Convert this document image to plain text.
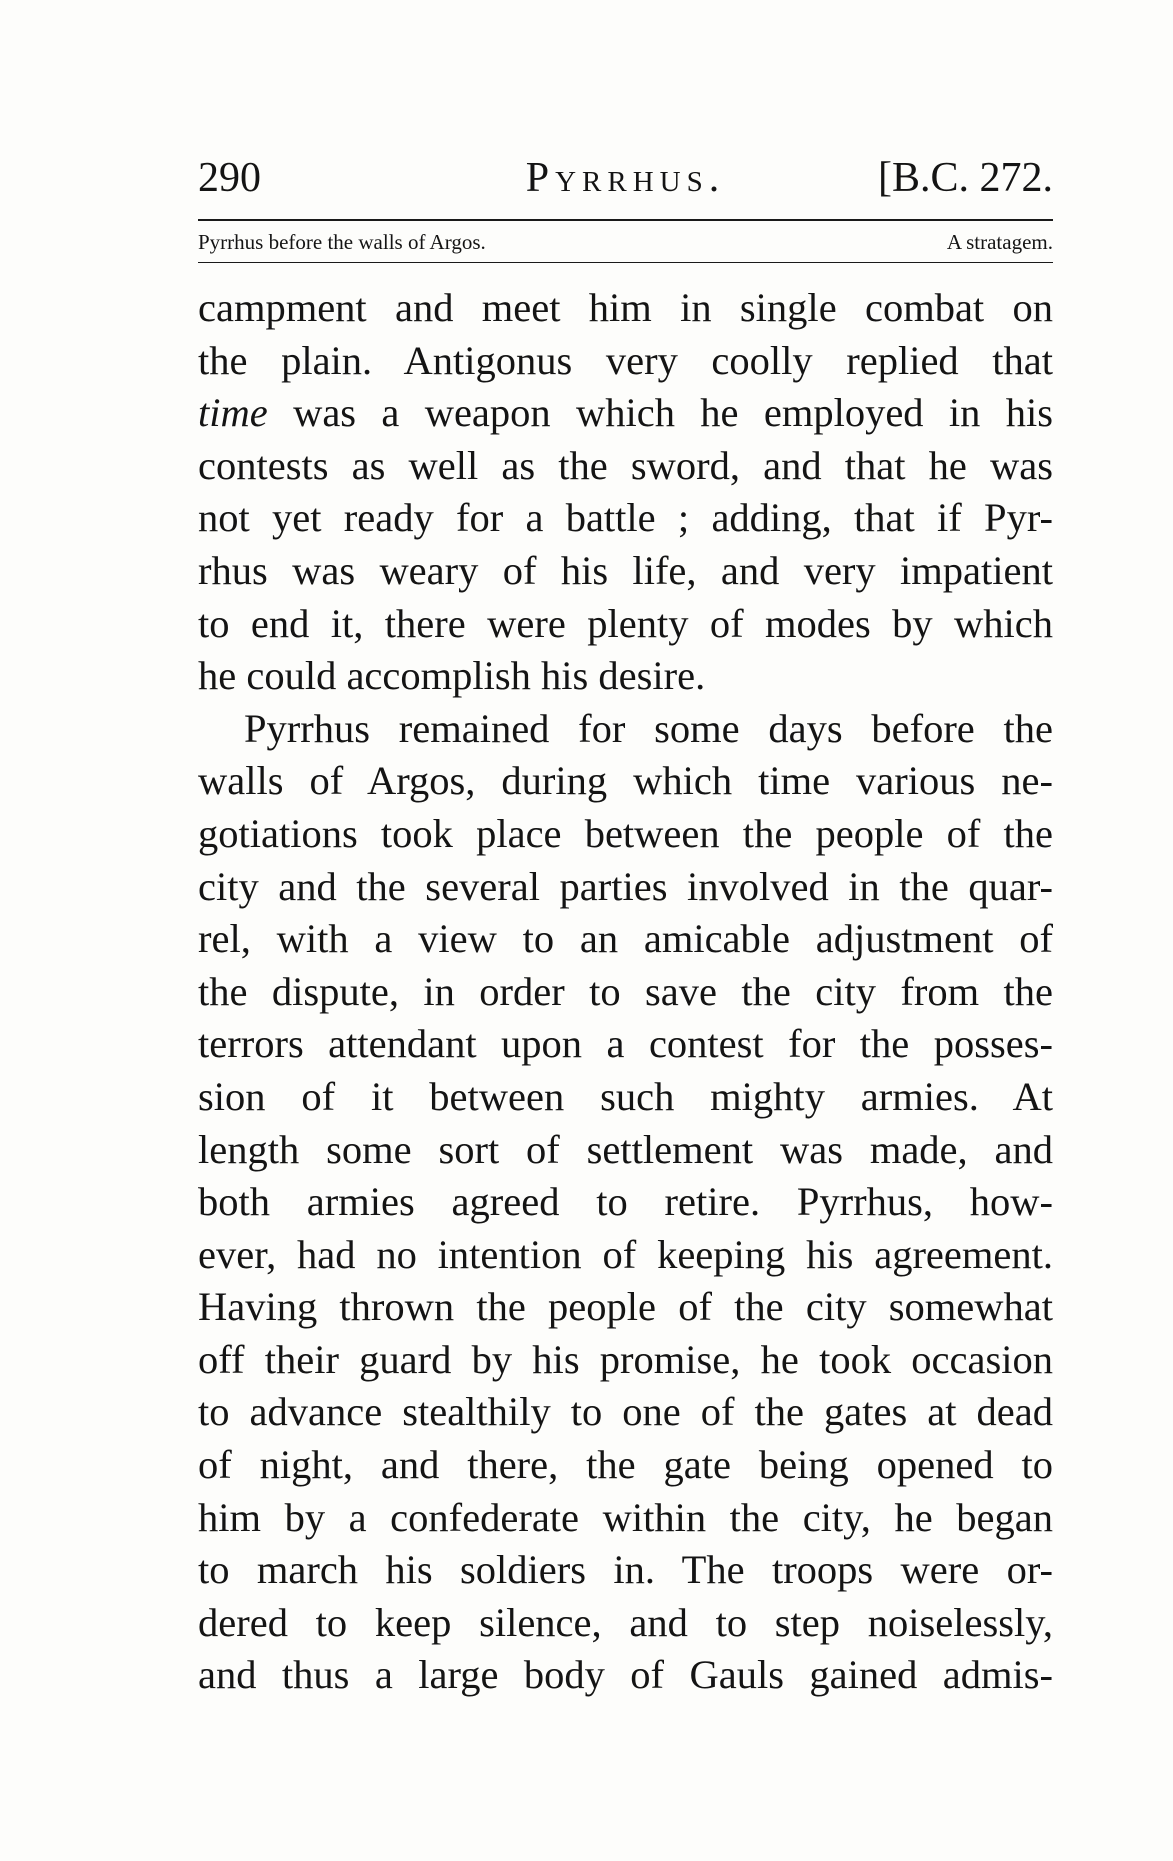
290	Pyrrhus.	[B.C. 272.
Pyrrhus before the walls of Argos.	A stratagem.
campment and meet him in single combat on
the plain. Antigonus very coolly replied that
time was a weapon which he employed in his
contests as well as the sword, and that he was
not yet ready for a battle ; adding, that if Pyr-
rhus was weary of his life, and very impatient
to end it, there were plenty of modes by which
he could accomplish his desire.
Pyrrhus remained for some days before the
walls of Argos, during which time various ne-
gotiations took place between the people of the
city and the several parties involved in the quar-
rel, with a view to an amicable adjustment of
the dispute, in order to save the city from the
terrors attendant upon a contest for the posses-
sion of it between such mighty armies. At
length some sort of settlement was made, and
both armies agreed to retire. Pyrrhus, how-
ever, had no intention of keeping his agreement.
Having thrown the people of the city somewhat
off their guard by his promise, he took occasion
to advance stealthily to one of the gates at dead
of night, and there, the gate being opened to
him by a confederate within the city, he began
to march his soldiers in. The troops were or-
dered to keep silence, and to step noiselessly,
and thus a large body of Gauls gained admis-
